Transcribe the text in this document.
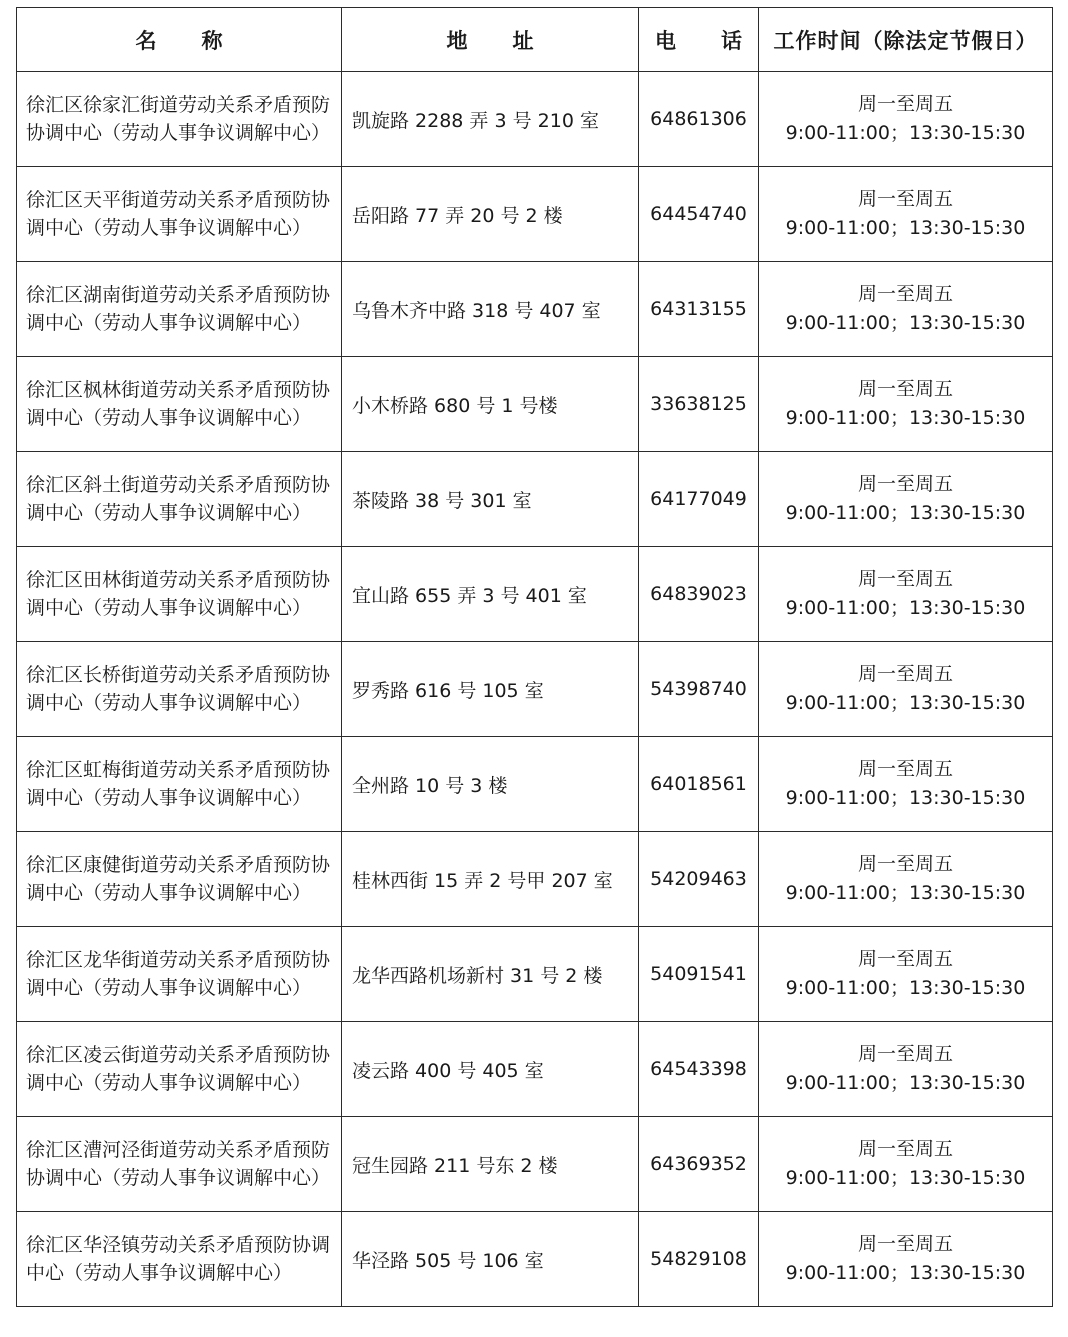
名 称	地 址	电 话	工作时间（除法定节假日）
徐汇区徐家汇街道劳动关系矛盾预防协调中心（劳动人事争议调解中心）	凯旋路 2288 弄 3 号 210 室	64861306	周一至周五
9:00-11:00；13:30-15:30

徐汇区天平街道劳动关系矛盾预防协调中心（劳动人事争议调解中心）	岳阳路 77 弄 20 号 2 楼	64454740	周一至周五
9:00-11:00；13:30-15:30

徐汇区湖南街道劳动关系矛盾预防协调中心（劳动人事争议调解中心）	乌鲁木齐中路 318 号 407 室	64313155	周一至周五
9:00-11:00；13:30-15:30

徐汇区枫林街道劳动关系矛盾预防协调中心（劳动人事争议调解中心）	小木桥路 680 号 1 号楼	33638125	周一至周五
9:00-11:00；13:30-15:30

徐汇区斜土街道劳动关系矛盾预防协调中心（劳动人事争议调解中心）	茶陵路 38 号 301 室	64177049	周一至周五
9:00-11:00；13:30-15:30

徐汇区田林街道劳动关系矛盾预防协调中心（劳动人事争议调解中心）	宜山路 655 弄 3 号 401 室	64839023	周一至周五
9:00-11:00；13:30-15:30

徐汇区长桥街道劳动关系矛盾预防协调中心（劳动人事争议调解中心）	罗秀路 616 号 105 室	54398740	周一至周五
9:00-11:00；13:30-15:30

徐汇区虹梅街道劳动关系矛盾预防协调中心（劳动人事争议调解中心）	全州路 10 号 3 楼	64018561	周一至周五
9:00-11:00；13:30-15:30

徐汇区康健街道劳动关系矛盾预防协调中心（劳动人事争议调解中心）	桂林西街 15 弄 2 号甲 207 室	54209463	周一至周五
9:00-11:00；13:30-15:30

徐汇区龙华街道劳动关系矛盾预防协调中心（劳动人事争议调解中心）	龙华西路机场新村 31 号 2 楼	54091541	周一至周五
9:00-11:00；13:30-15:30

徐汇区凌云街道劳动关系矛盾预防协调中心（劳动人事争议调解中心）	凌云路 400 号 405 室	64543398	周一至周五
9:00-11:00；13:30-15:30

徐汇区漕河泾街道劳动关系矛盾预防协调中心（劳动人事争议调解中心）	冠生园路 211 号东 2 楼	64369352	周一至周五
9:00-11:00；13:30-15:30

徐汇区华泾镇劳动关系矛盾预防协调中心（劳动人事争议调解中心）	华泾路 505 号 106 室	54829108	周一至周五
9:00-11:00；13:30-15:30
